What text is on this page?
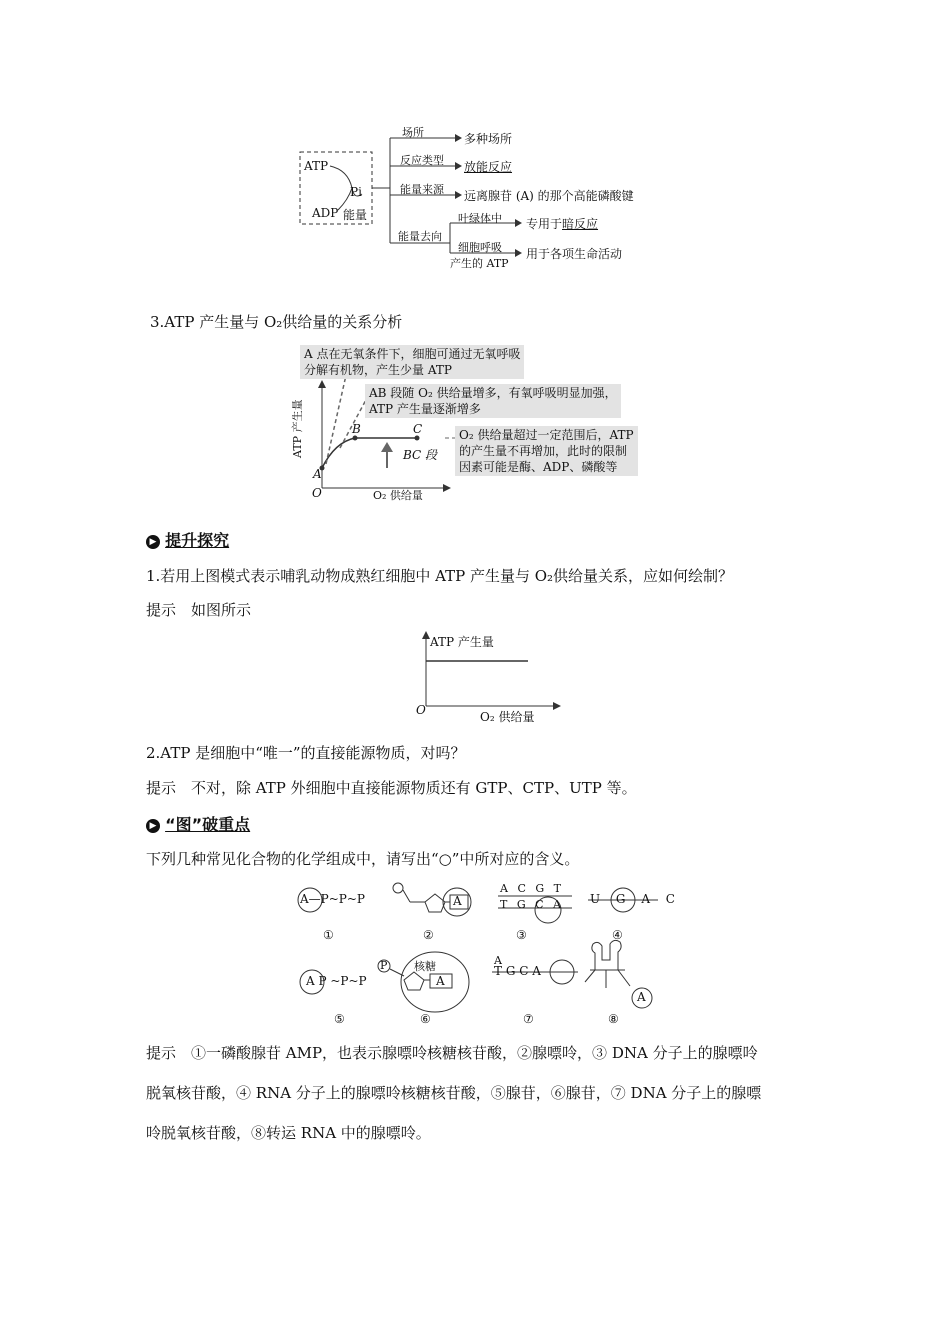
ATP
Pi
ADP 能量
场所	多种场所
反应类型 放能反应
能量来源 远离腺苷 (A) 的那个高能磷酸键
能量去向
叶绿体中 专用于暗反应
细胞呼吸
产生的 ATP
用于各项生命活动
3.ATP 产生量与 O₂供给量的关系分析
ATP 产生量
O₂ 供给量
O
A
B	C
BC 段
A 点在无氧条件下，细胞可通过无氧呼吸
分解有机物，产生少量 ATP
AB 段随 O₂ 供给量增多，有氧呼吸明显加强，
ATP 产生量逐渐增多
O₂ 供给量超过一定范围后，ATP
的产生量不再增加，此时的限制
因素可能是酶、ADP、磷酸等
▶ 提升探究
1.若用上图模式表示哺乳动物成熟红细胞中 ATP 产生量与 O₂供给量关系，应如何绘制？
提示　如图所示
ATP 产生量
O₂ 供给量
O
2.ATP 是细胞中“唯一”的直接能源物质，对吗？
提示　不对，除 ATP 外细胞中直接能源物质还有 GTP、CTP、UTP 等。
▶ “图”破重点
下列几种常见化合物的化学组成中，请写出“○”中所对应的含义。
A—P~P~P	A
A C G T
T G C A U G A C
A P ~P~P
P 核糖
A
A
T G C A
A
①	②	③	④
⑤	⑥	⑦	⑧
提示　①一磷酸腺苷 AMP，也表示腺嘌呤核糖核苷酸，②腺嘌呤，③ DNA 分子上的腺嘌呤
脱氧核苷酸，④ RNA 分子上的腺嘌呤核糖核苷酸，⑤腺苷，⑥腺苷，⑦ DNA 分子上的腺嘌
呤脱氧核苷酸，⑧转运 RNA 中的腺嘌呤。
